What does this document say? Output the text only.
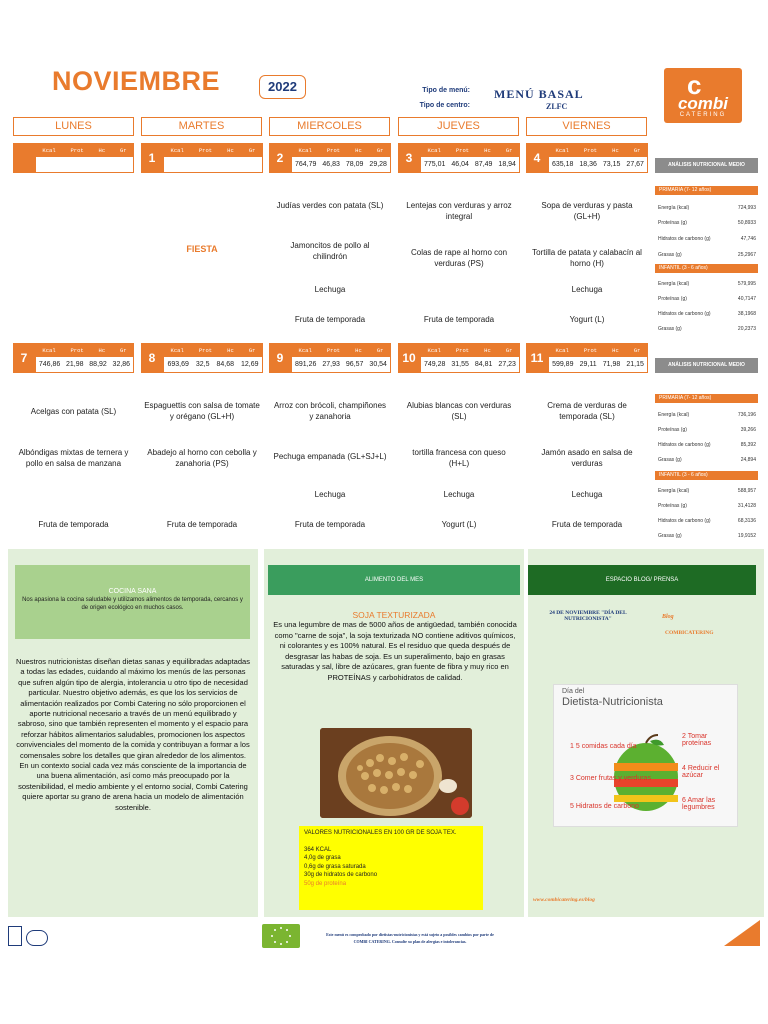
NOVIEMBRE	2022	Tipo de menú: MENÚ BASAL
Tipo de centro:	ZLFC
c
combi
CATERING
LUNES	MARTES	MIERCOLES	JUEVES	VIERNES
Kcal	Prot	Hc	Gr
1
Kcal	Prot	Hc	Gr
FIESTA
2
Kcal	Prot	Hc	Gr
764,79 46,83 78,09 29,28
Judías verdes con patata (SL)
Jamoncitos de pollo al chilindrón
Lechuga
Fruta de temporada
3
Kcal	Prot	Hc	Gr
775,01 46,04 87,49 18,94
Lentejas con verduras y arroz integral
Colas de rape al horno con verduras (PS)
Fruta de temporada
4
Kcal	Prot	Hc	Gr
635,18 18,36 73,15 27,67
Sopa de verduras y pasta (GL+H)
Tortilla de patata y calabacín al horno (H)
Lechuga
Yogurt (L)
ANÁLISIS NUTRICIONAL MEDIO
PRIMARIA (7- 12 años)
Energía (kcal)	724,993
Proteínas (g)	50,8933
Hidratos de carbono (g)	47,746
Grasas (g)	25,2967
INFANTIL (3 - 6 años)
Energía (kcal)	579,995
Proteínas (g)	40,7147
Hidratos de carbono (g)	38,1968
Grasas (g)	20,2373
7
Kcal	Prot	Hc	Gr
746,86 21,98 88,92 32,86
Acelgas con patata (SL)
Albóndigas mixtas de ternera y pollo en salsa de manzana
Fruta de temporada
8
Kcal	Prot	Hc	Gr
693,69 32,5 84,68 12,69
Espaguettis con salsa de tomate y orégano (GL+H)
Abadejo al horno con cebolla y zanahoria (PS)
Fruta de temporada
9
Kcal	Prot	Hc	Gr
891,26 27,93 96,57 30,54
Arroz con brócoli, champiñones y zanahoria
Pechuga empanada (GL+SJ+L)
Lechuga
Fruta de temporada
10
Kcal	Prot	Hc	Gr
749,28 31,55 84,81 27,23
Alubias blancas con verduras (SL)
tortilla francesa con queso (H+L)
Lechuga
Yogurt (L)
11
Kcal	Prot	Hc	Gr
599,89 29,11 71,98 21,15
Crema de verduras de temporada (SL)
Jamón asado en salsa de verduras
Lechuga
Fruta de temporada
ANÁLISIS NUTRICIONAL MEDIO
PRIMARIA (7- 12 años)
Energía (kcal)	736,196
Proteínas (g)	39,266
Hidratos de carbono (g)	85,392
Grasas (g)	24,894
INFANTIL (3 - 6 años)
Energía (kcal)	588,957
Proteínas (g)	31,4128
Hidratos de carbono (g)	68,3136
Grasas (g)	19,9152
COCINA SANA
Nos apasiona la cocina saludable y utilizamos alimentos de temporada, cercanos y de origen ecológico en muchos casos.
Nuestros nutricionistas diseñan dietas sanas y equilibradas adaptadas a todas las edades, cuidando al máximo los menús de las personas que sufren algún tipo de alergia, intolerancia u otro tipo de necesidad particular. Nuestro objetivo además, es que los los servicios de alimentación realizados por Combi Catering no sólo proporcionen el aporte nutricional necesario a través de un menú equilibrado y sabroso, sino que también representen el momento y el espacio para reforzar hábitos alimentarios saludables, promocionen los aspectos convivenciales del momento de la comida y contribuyan a formar a los comensales sobre los detalles que giran alrededor de los alimentos. En un contexto social cada vez más consciente de la importancia de una buena alimentación, así como más preocupado por la sostenibilidad, el medio ambiente y el entorno social, Combi Catering quiere aportar su grano de arena hacia un modelo de alimentación sostenible.
ALIMENTO DEL MES
SOJA TEXTURIZADA
Es una legumbre de mas de 5000 años de antigüedad, también conocida como "carne de soja", la soja texturizada NO contiene aditivos químicos, ni colorantes y es 100% natural. Es el residuo que queda después de desgrasar las habas de soja. Es un superalimento, bajo en grasas saturadas y sal, libre de azúcares, gran fuente de fibra y muy rico en PROTEÍNAS y carbohidratos de calidad.
VALORES NUTRICIONALES EN 100 GR DE SOJA TEX.
364 KCAL
4,0g de grasa
0,6g de grasa saturada
30g de hidratos de carbono
50g de proteína
ESPACIO BLOG/ PRENSA
24 DE NOVIEMBRE "DÍA DEL NUTRICIONISTA"	Blog
COMBICATERING
Día del
Dietista-Nutricionista
1 5 comidas cada día
2 Tomar proteínas
3 Comer frutas y verduras
4 Reducir el azúcar
5 Hidratos de carbono
6 Amar las legumbres
www.combicatering.es/blog
Este menú es comprobado por dietistas-nutricionistas y está sujeto a posibles cambios por parte de COMBI CATERING. Consulte su plan de alergias e intolerancias.
